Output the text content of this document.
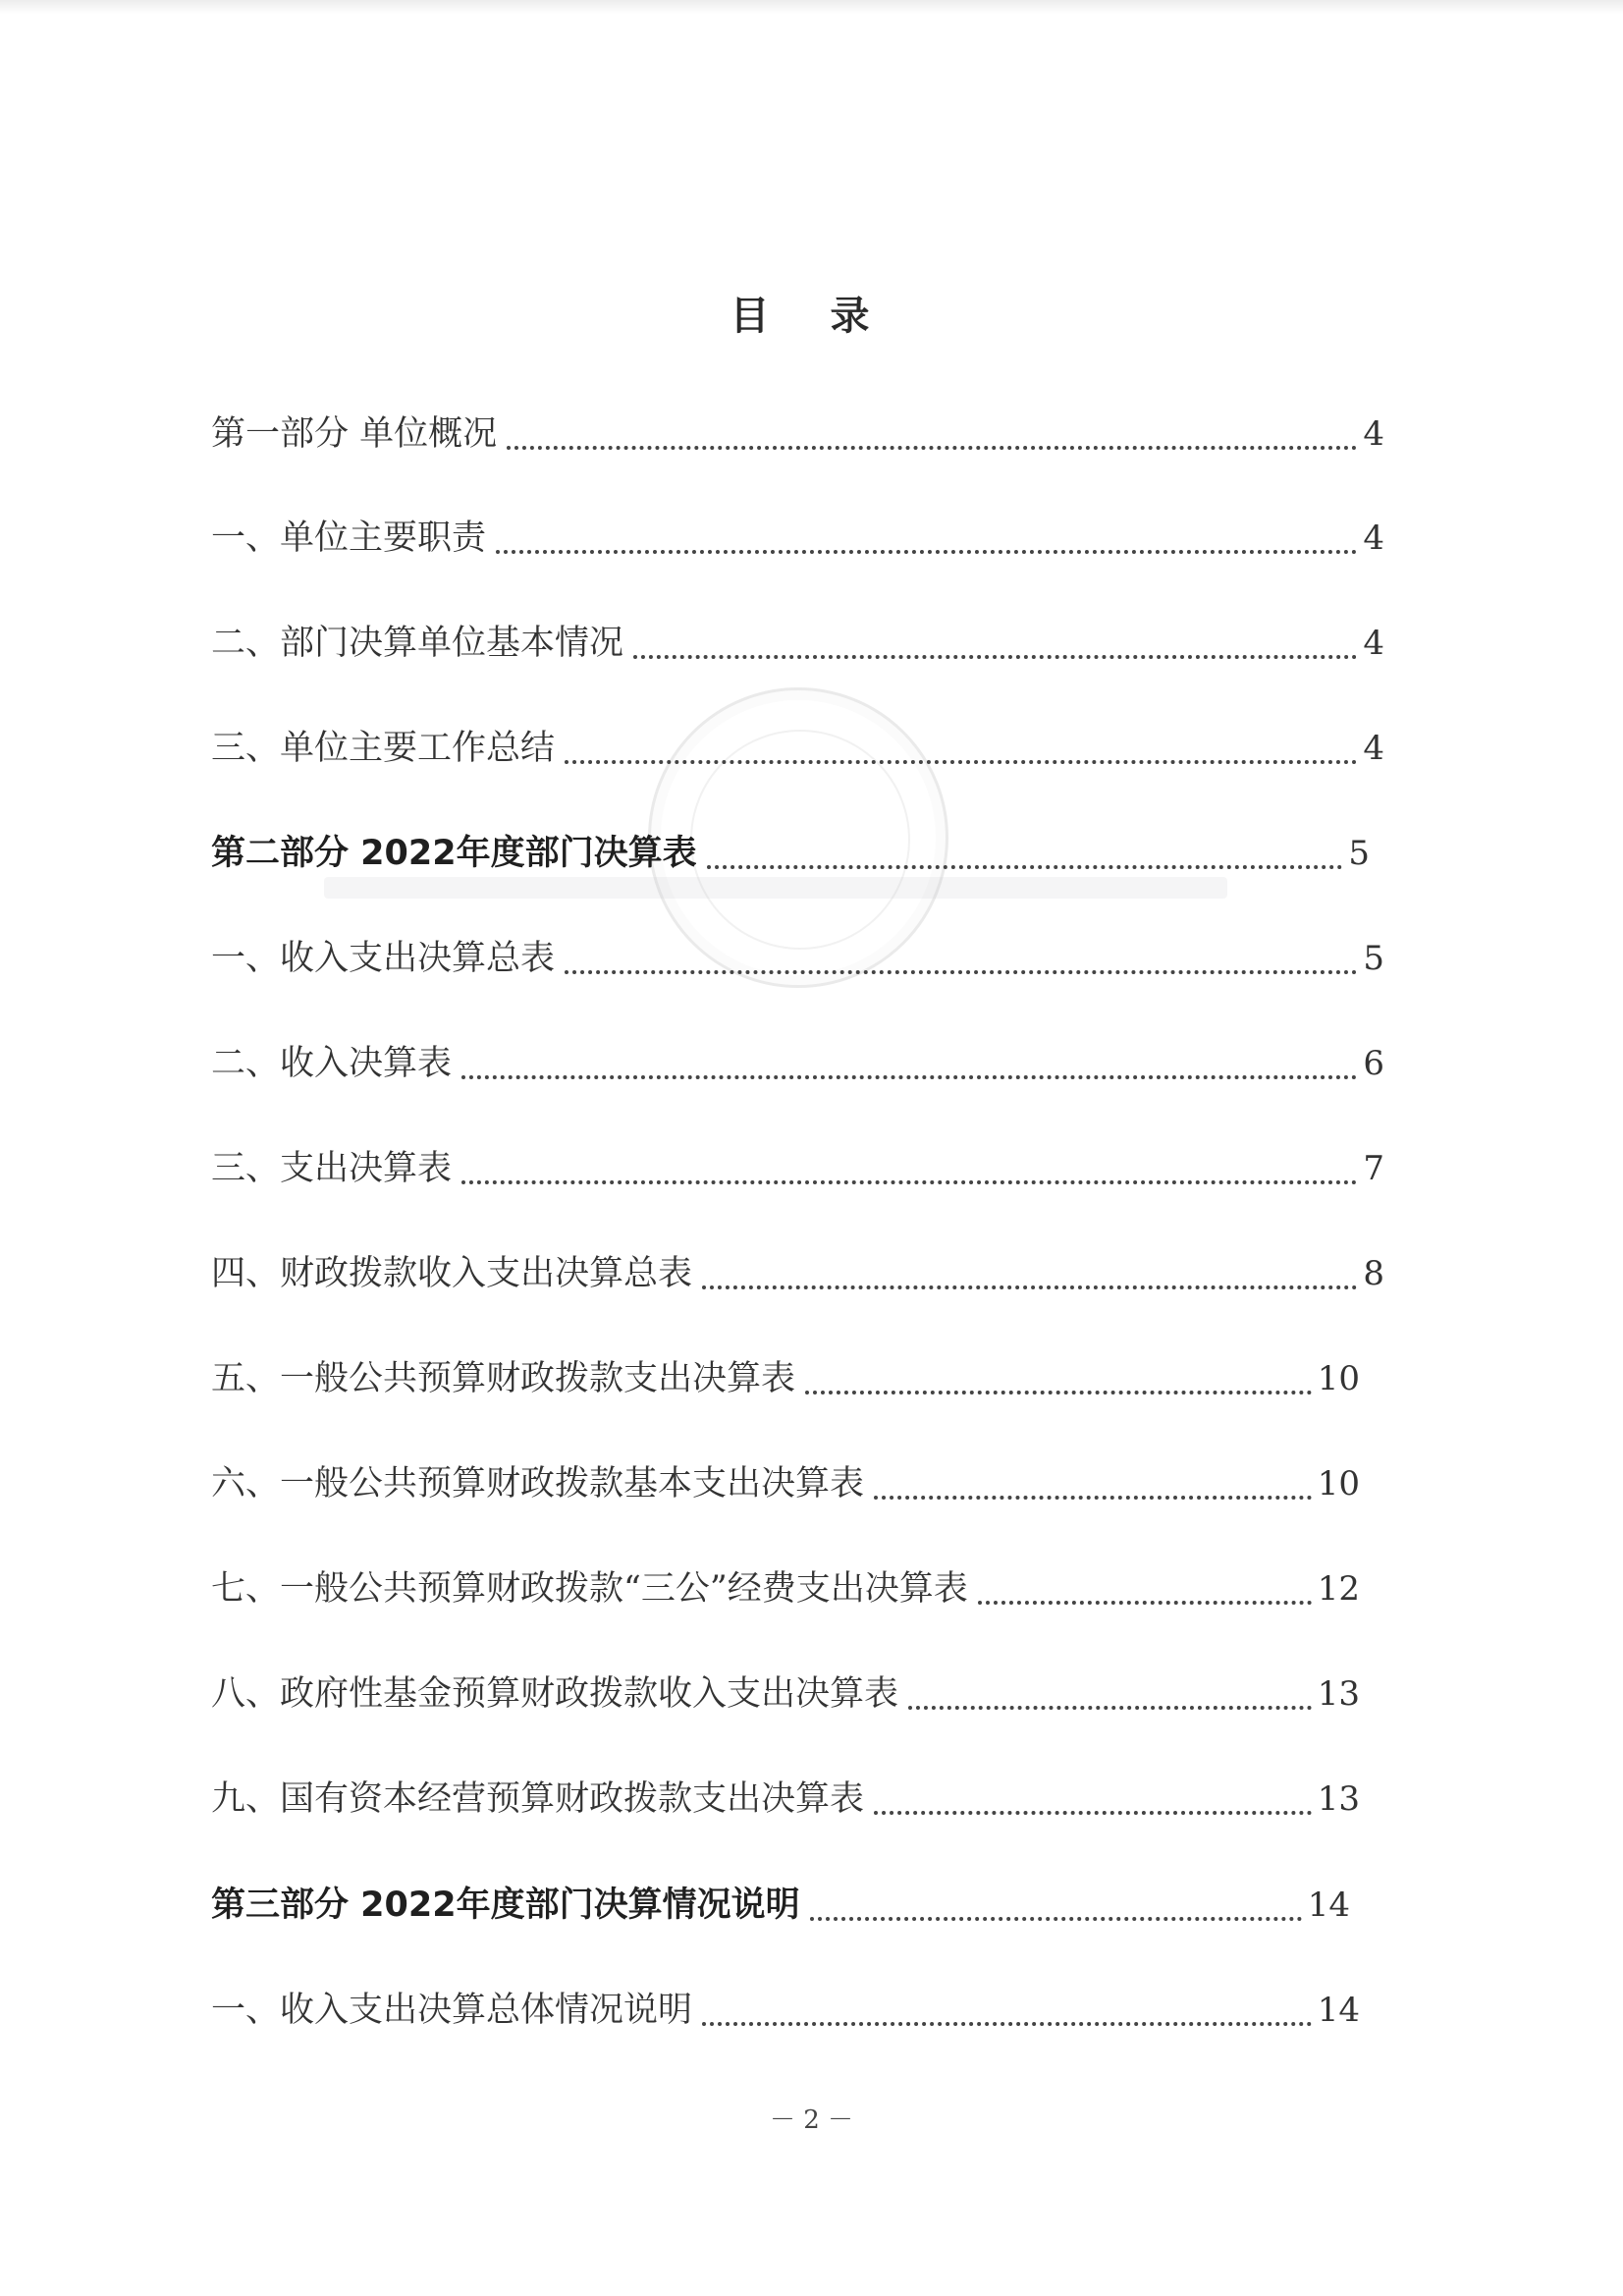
目 录
第一部分 单位概况	4
一、单位主要职责	4
二、部门决算单位基本情况	4
三、单位主要工作总结	4
第二部分 2022年度部门决算表	5
一、收入支出决算总表	5
二、收入决算表	6
三、支出决算表	7
四、财政拨款收入支出决算总表	8
五、一般公共预算财政拨款支出决算表	10
六、一般公共预算财政拨款基本支出决算表	10
七、一般公共预算财政拨款“三公”经费支出决算表	12
八、政府性基金预算财政拨款收入支出决算表	13
九、国有资本经营预算财政拨款支出决算表	13
第三部分 2022年度部门决算情况说明	14
一、收入支出决算总体情况说明	14
－ 2 －
